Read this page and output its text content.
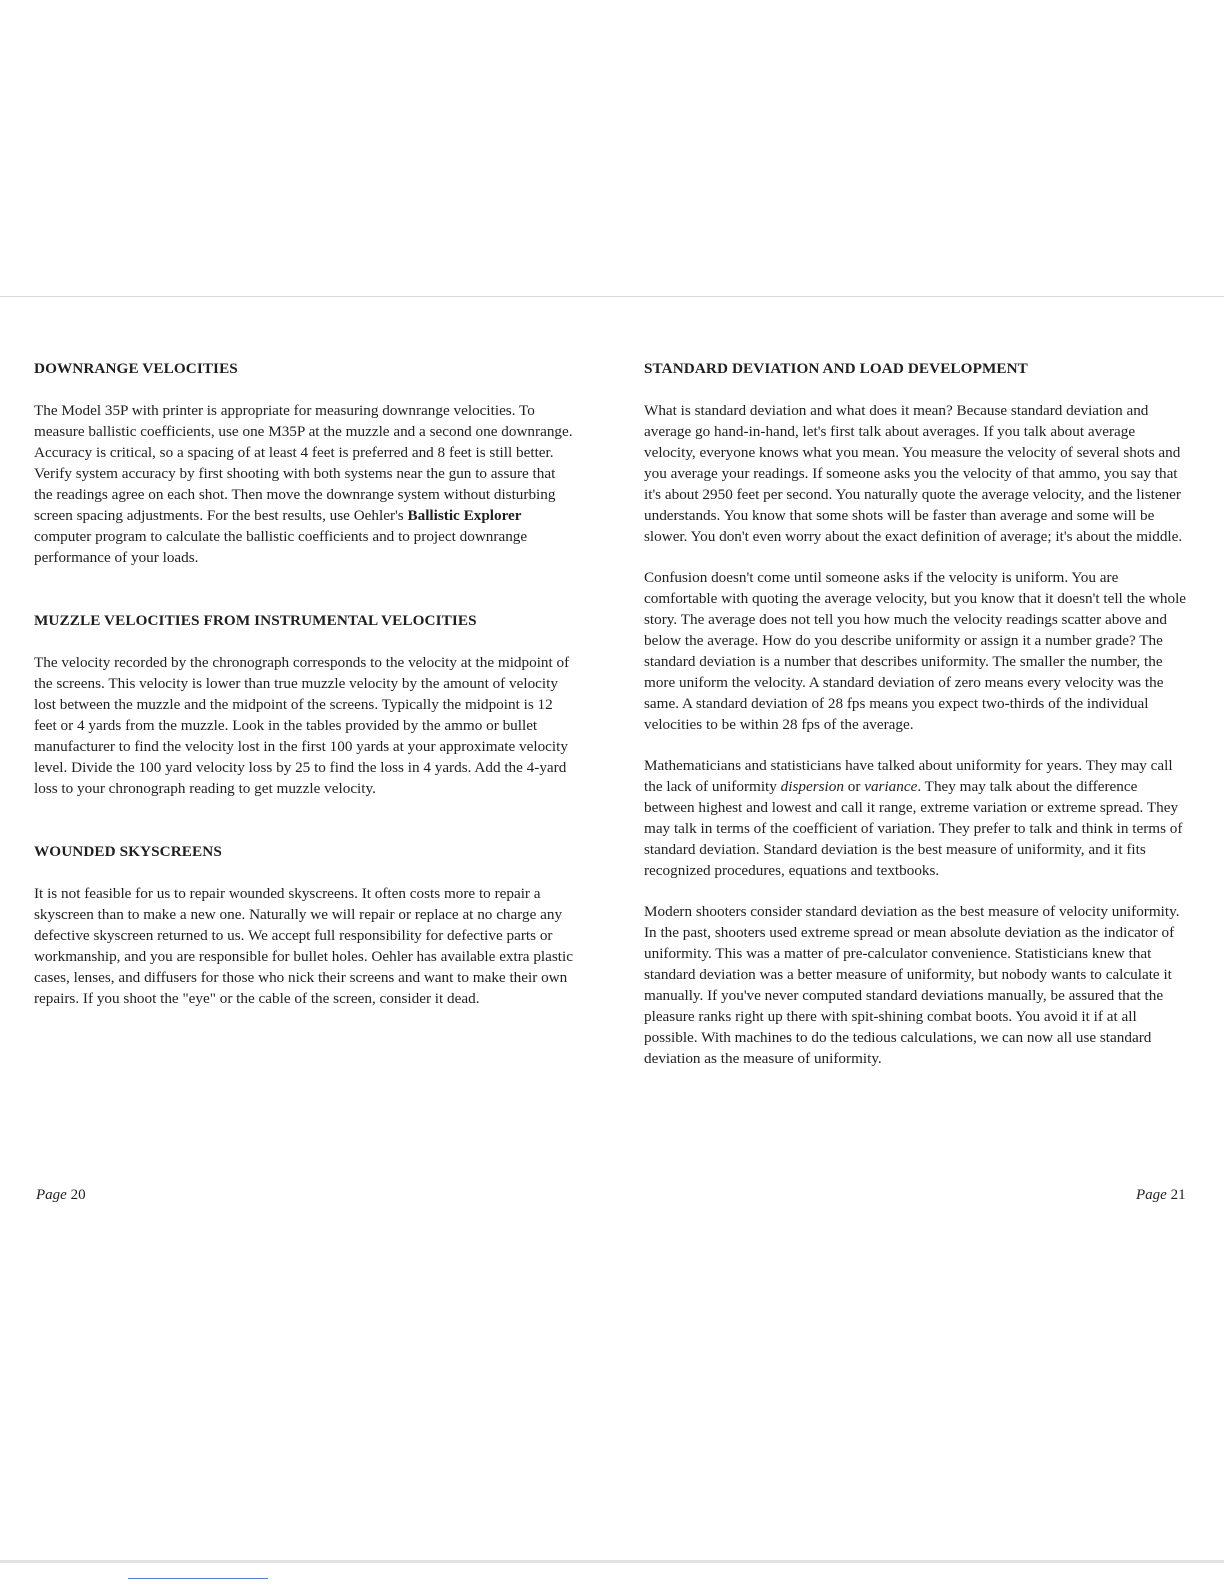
DOWNRANGE VELOCITIES

The Model 35P with printer is appropriate for measuring downrange velocities. To measure ballistic coefficients, use one M35P at the muzzle and a second one downrange. Accuracy is critical, so a spacing of at least 4 feet is preferred and 8 feet is still better. Verify system accuracy by first shooting with both systems near the gun to assure that the readings agree on each shot. Then move the downrange system without disturbing screen spacing adjustments. For the best results, use Oehler's Ballistic Explorer computer program to calculate the ballistic coefficients and to project downrange performance of your loads.

MUZZLE VELOCITIES FROM INSTRUMENTAL VELOCITIES

The velocity recorded by the chronograph corresponds to the velocity at the midpoint of the screens. This velocity is lower than true muzzle velocity by the amount of velocity lost between the muzzle and the midpoint of the screens. Typically the midpoint is 12 feet or 4 yards from the muzzle. Look in the tables provided by the ammo or bullet manufacturer to find the velocity lost in the first 100 yards at your approximate velocity level. Divide the 100 yard velocity loss by 25 to find the loss in 4 yards. Add the 4-yard loss to your chronograph reading to get muzzle velocity.

WOUNDED SKYSCREENS

It is not feasible for us to repair wounded skyscreens. It often costs more to repair a skyscreen than to make a new one. Naturally we will repair or replace at no charge any defective skyscreen returned to us. We accept full responsibility for defective parts or workmanship, and you are responsible for bullet holes. Oehler has available extra plastic cases, lenses, and diffusers for those who nick their screens and want to make their own repairs. If you shoot the "eye" or the cable of the screen, consider it dead.

STANDARD DEVIATION AND LOAD DEVELOPMENT

What is standard deviation and what does it mean? Because standard deviation and average go hand-in-hand, let's first talk about averages. If you talk about average velocity, everyone knows what you mean. You measure the velocity of several shots and you average your readings. If someone asks you the velocity of that ammo, you say that it's about 2950 feet per second. You naturally quote the average velocity, and the listener understands. You know that some shots will be faster than average and some will be slower. You don't even worry about the exact definition of average; it's about the middle.

Confusion doesn't come until someone asks if the velocity is uniform. You are comfortable with quoting the average velocity, but you know that it doesn't tell the whole story. The average does not tell you how much the velocity readings scatter above and below the average. How do you describe uniformity or assign it a number grade? The standard deviation is a number that describes uniformity. The smaller the number, the more uniform the velocity. A standard deviation of zero means every velocity was the same. A standard deviation of 28 fps means you expect two-thirds of the individual velocities to be within 28 fps of the average.

Mathematicians and statisticians have talked about uniformity for years. They may call the lack of uniformity dispersion or variance. They may talk about the difference between highest and lowest and call it range, extreme variation or extreme spread. They may talk in terms of the coefficient of variation. They prefer to talk and think in terms of standard deviation. Standard deviation is the best measure of uniformity, and it fits recognized procedures, equations and textbooks.

Modern shooters consider standard deviation as the best measure of velocity uniformity. In the past, shooters used extreme spread or mean absolute deviation as the indicator of uniformity. This was a matter of pre-calculator convenience. Statisticians knew that standard deviation was a better measure of uniformity, but nobody wants to calculate it manually. If you've never computed standard deviations manually, be assured that the pleasure ranks right up there with spit-shining combat boots. You avoid it if at all possible. With machines to do the tedious calculations, we can now all use standard deviation as the measure of uniformity.

Page 20	Page 21
